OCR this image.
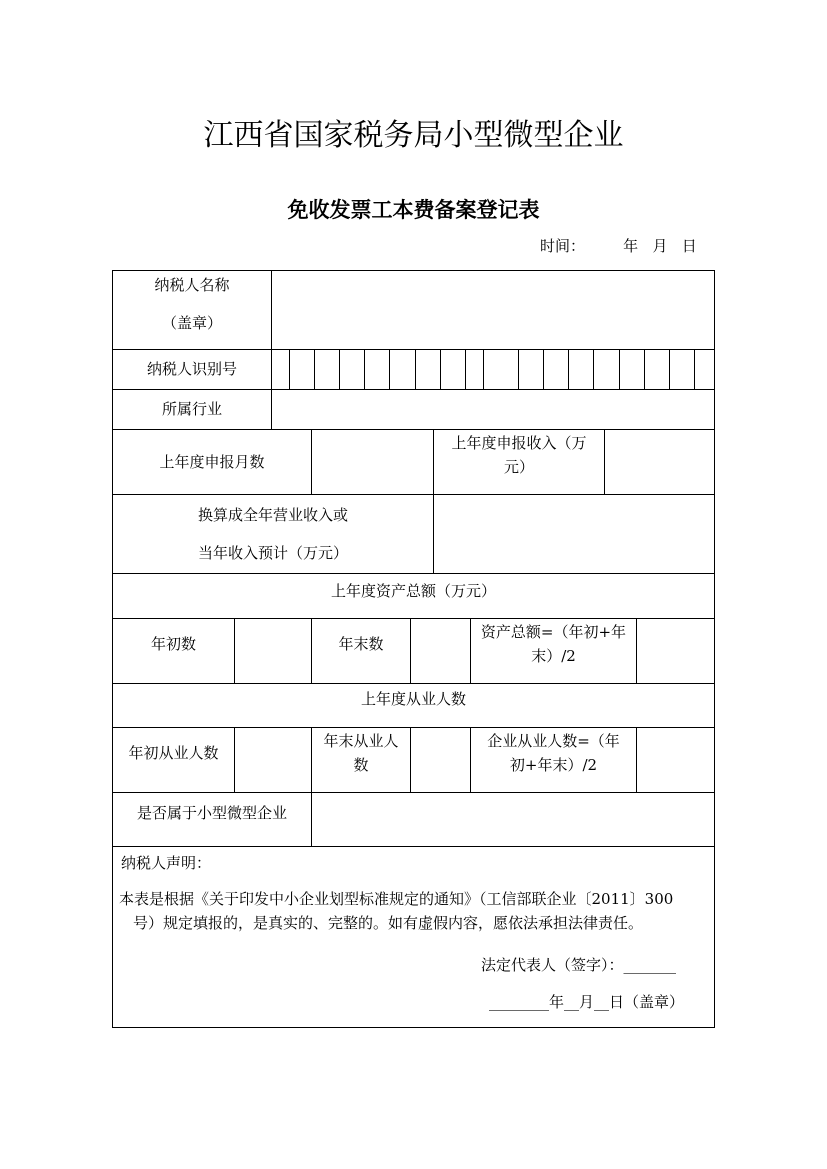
江西省国家税务局小型微型企业
免收发票工本费备案登记表
时间：        年   月   日
纳税人名称
（盖章）
纳税人识别号
所属行业
上年度申报月数
上年度申报收入（万
元）
换算成全年营业收入或
当年收入预计（万元）
上年度资产总额（万元）
年初数	年末数
资产总额=（年初+年
末）/2
上年度从业人数
年初从业人数
年末从业人
数
企业从业人数=（年
初+年末）/2
是否属于小型微型企业
纳税人声明：
本表是根据《关于印发中小企业划型标准规定的通知》（工信部联企业〔2011〕300
号）规定填报的，是真实的、完整的。如有虚假内容，愿依法承担法律责任。
法定代表人（签字）：_______
________年__月__日（盖章）
